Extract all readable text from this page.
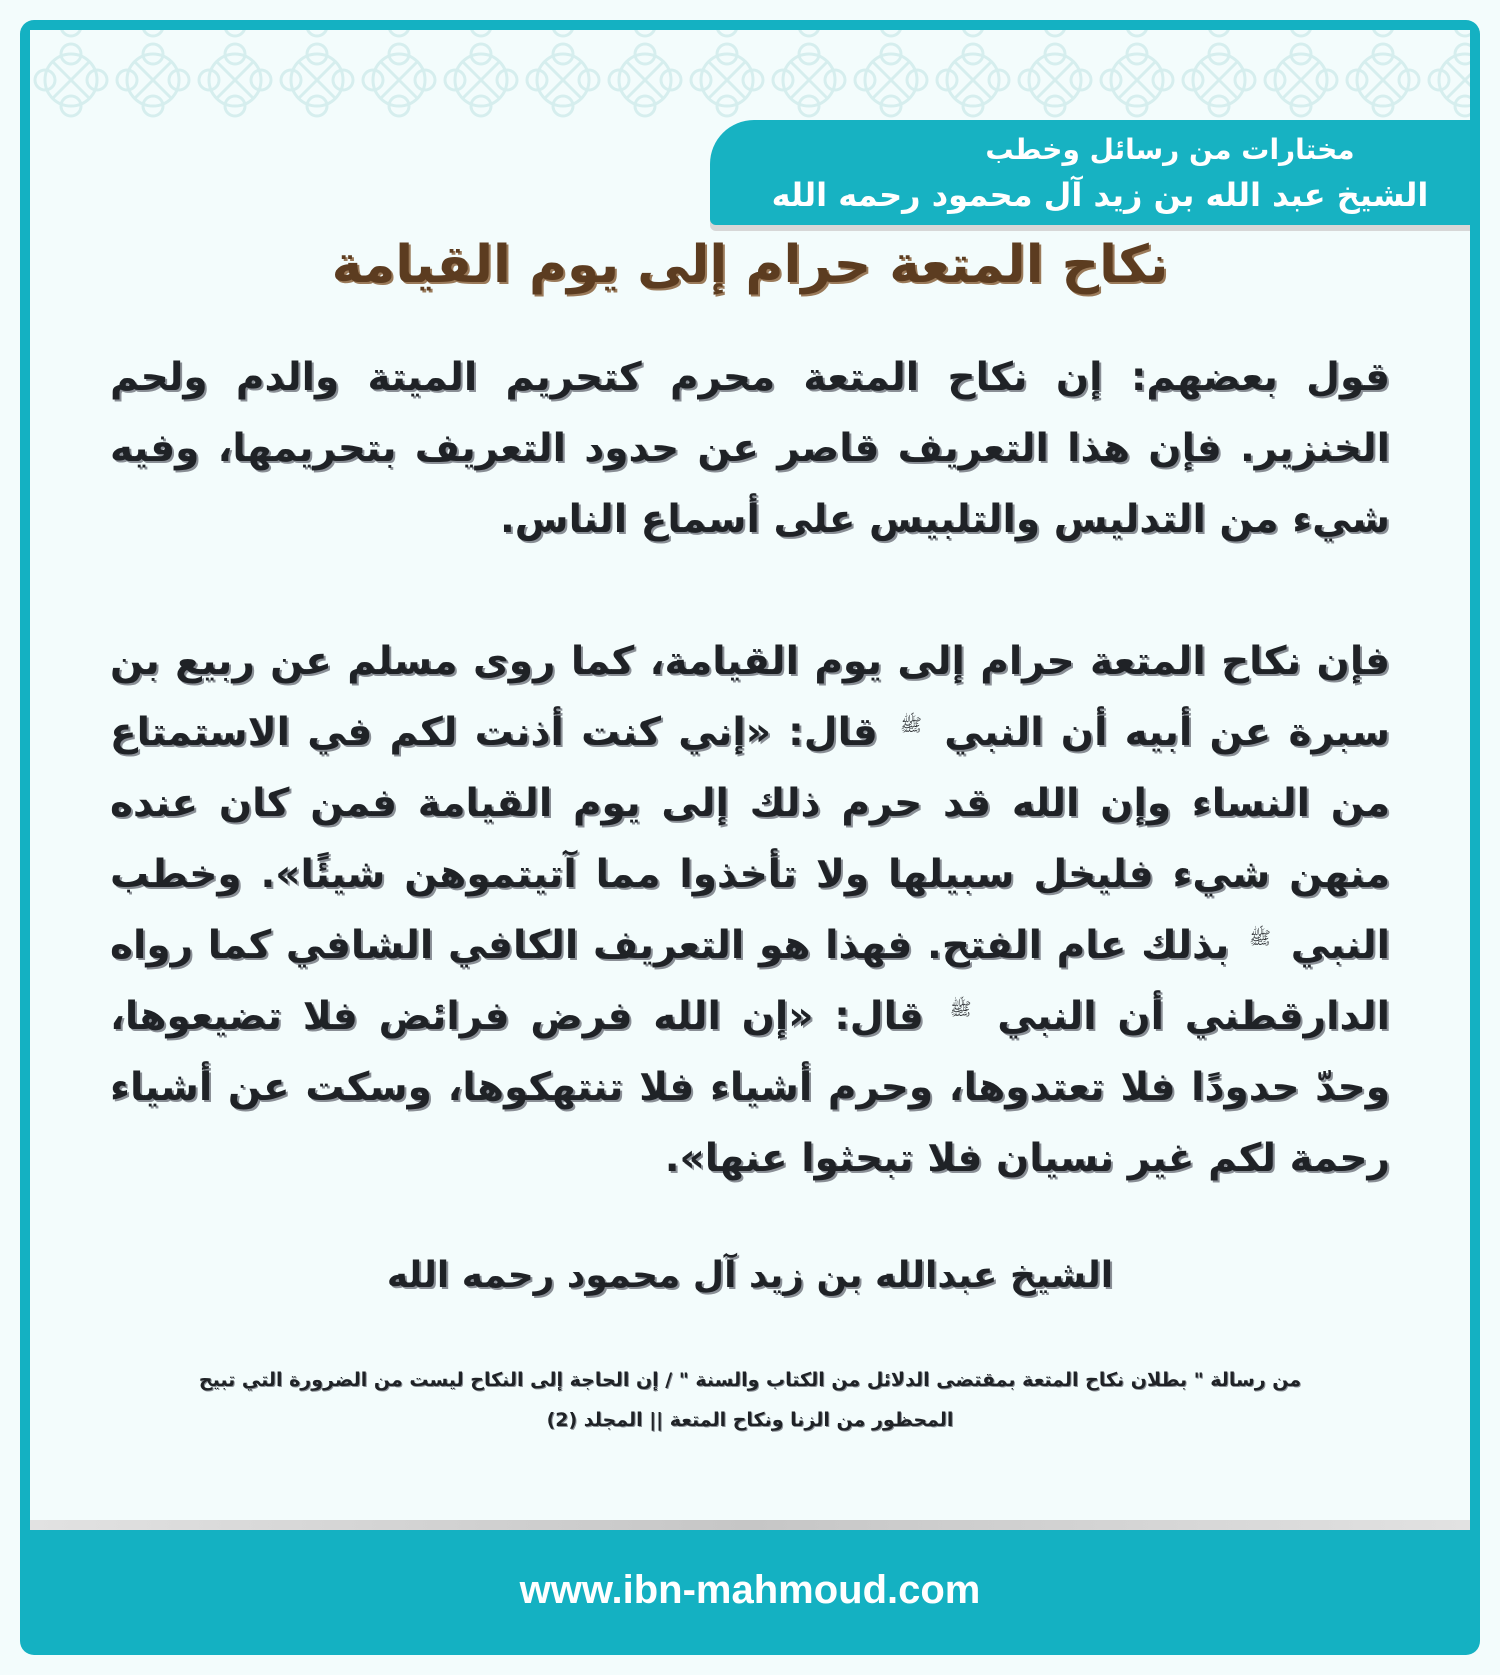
مختارات من رسائل وخطب
الشيخ عبد الله بن زيد آل محمود رحمه الله
نكاح المتعة حرام إلى يوم القيامة

قول بعضهم: إن نكاح المتعة محرم كتحريم الميتة والدم ولحم الخنزير. فإن هذا التعريف قاصر عن حدود التعريف بتحريمها، وفيه شيء من التدليس والتلبيس على أسماع الناس.

فإن نكاح المتعة حرام إلى يوم القيامة، كما روى مسلم عن ربيع بن سبرة عن أبيه أن النبي ﷺ قال: «إني كنت أذنت لكم في الاستمتاع من النساء وإن الله قد حرم ذلك إلى يوم القيامة فمن كان عنده منهن شيء فليخل سبيلها ولا تأخذوا مما آتيتموهن شيئًا». وخطب النبي ﷺ بذلك عام الفتح. فهذا هو التعريف الكافي الشافي كما رواه الدارقطني أن النبي ﷺ قال: «إن الله فرض فرائض فلا تضيعوها، وحدّ حدودًا فلا تعتدوها، وحرم أشياء فلا تنتهكوها، وسكت عن أشياء رحمة لكم غير نسيان فلا تبحثوا عنها».

الشيخ عبدالله بن زيد آل محمود رحمه الله
من رسالة " بطلان نكاح المتعة بمقتضى الدلائل من الكتاب والسنة " / إن الحاجة إلى النكاح ليست من الضرورة التي تبيح
المحظور من الزنا ونكاح المتعة || المجلد (2)
www.ibn-mahmoud.com
